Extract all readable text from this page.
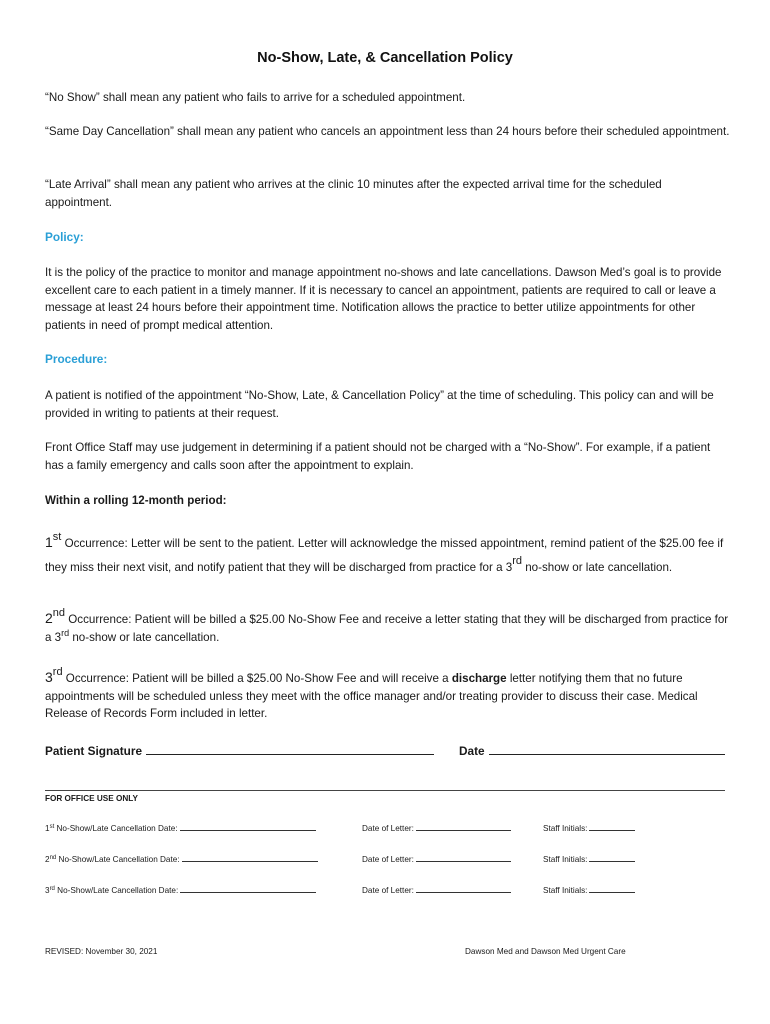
No-Show, Late, & Cancellation Policy
“No Show” shall mean any patient who fails to arrive for a scheduled appointment.
“Same Day Cancellation” shall mean any patient who cancels an appointment less than 24 hours before their scheduled appointment.
“Late Arrival” shall mean any patient who arrives at the clinic 10 minutes after the expected arrival time for the scheduled appointment.
Policy:
It is the policy of the practice to monitor and manage appointment no-shows and late cancellations. Dawson Med’s goal is to provide excellent care to each patient in a timely manner. If it is necessary to cancel an appointment, patients are required to call or leave a message at least 24 hours before their appointment time. Notification allows the practice to better utilize appointments for other patients in need of prompt medical attention.
Procedure:
A patient is notified of the appointment “No-Show, Late, & Cancellation Policy” at the time of scheduling. This policy can and will be provided in writing to patients at their request.
Front Office Staff may use judgement in determining if a patient should not be charged with a “No-Show”. For example, if a patient has a family emergency and calls soon after the appointment to explain.
Within a rolling 12-month period:
1st Occurrence: Letter will be sent to the patient. Letter will acknowledge the missed appointment, remind patient of the $25.00 fee if they miss their next visit, and notify patient that they will be discharged from practice for a 3rd no-show or late cancellation.
2nd Occurrence: Patient will be billed a $25.00 No-Show Fee and receive a letter stating that they will be discharged from practice for a 3rd no-show or late cancellation.
3rd Occurrence: Patient will be billed a $25.00 No-Show Fee and will receive a discharge letter notifying them that no future appointments will be scheduled unless they meet with the office manager and/or treating provider to discuss their case. Medical Release of Records Form included in letter.
Patient Signature	Date
FOR OFFICE USE ONLY
1st No-Show/Late Cancellation Date:	Date of Letter:	Staff Initials:
2nd No-Show/Late Cancellation Date:	Date of Letter:	Staff Initials:
3rd No-Show/Late Cancellation Date:	Date of Letter:	Staff Initials:
REVISED: November 30, 2021	Dawson Med and Dawson Med Urgent Care
